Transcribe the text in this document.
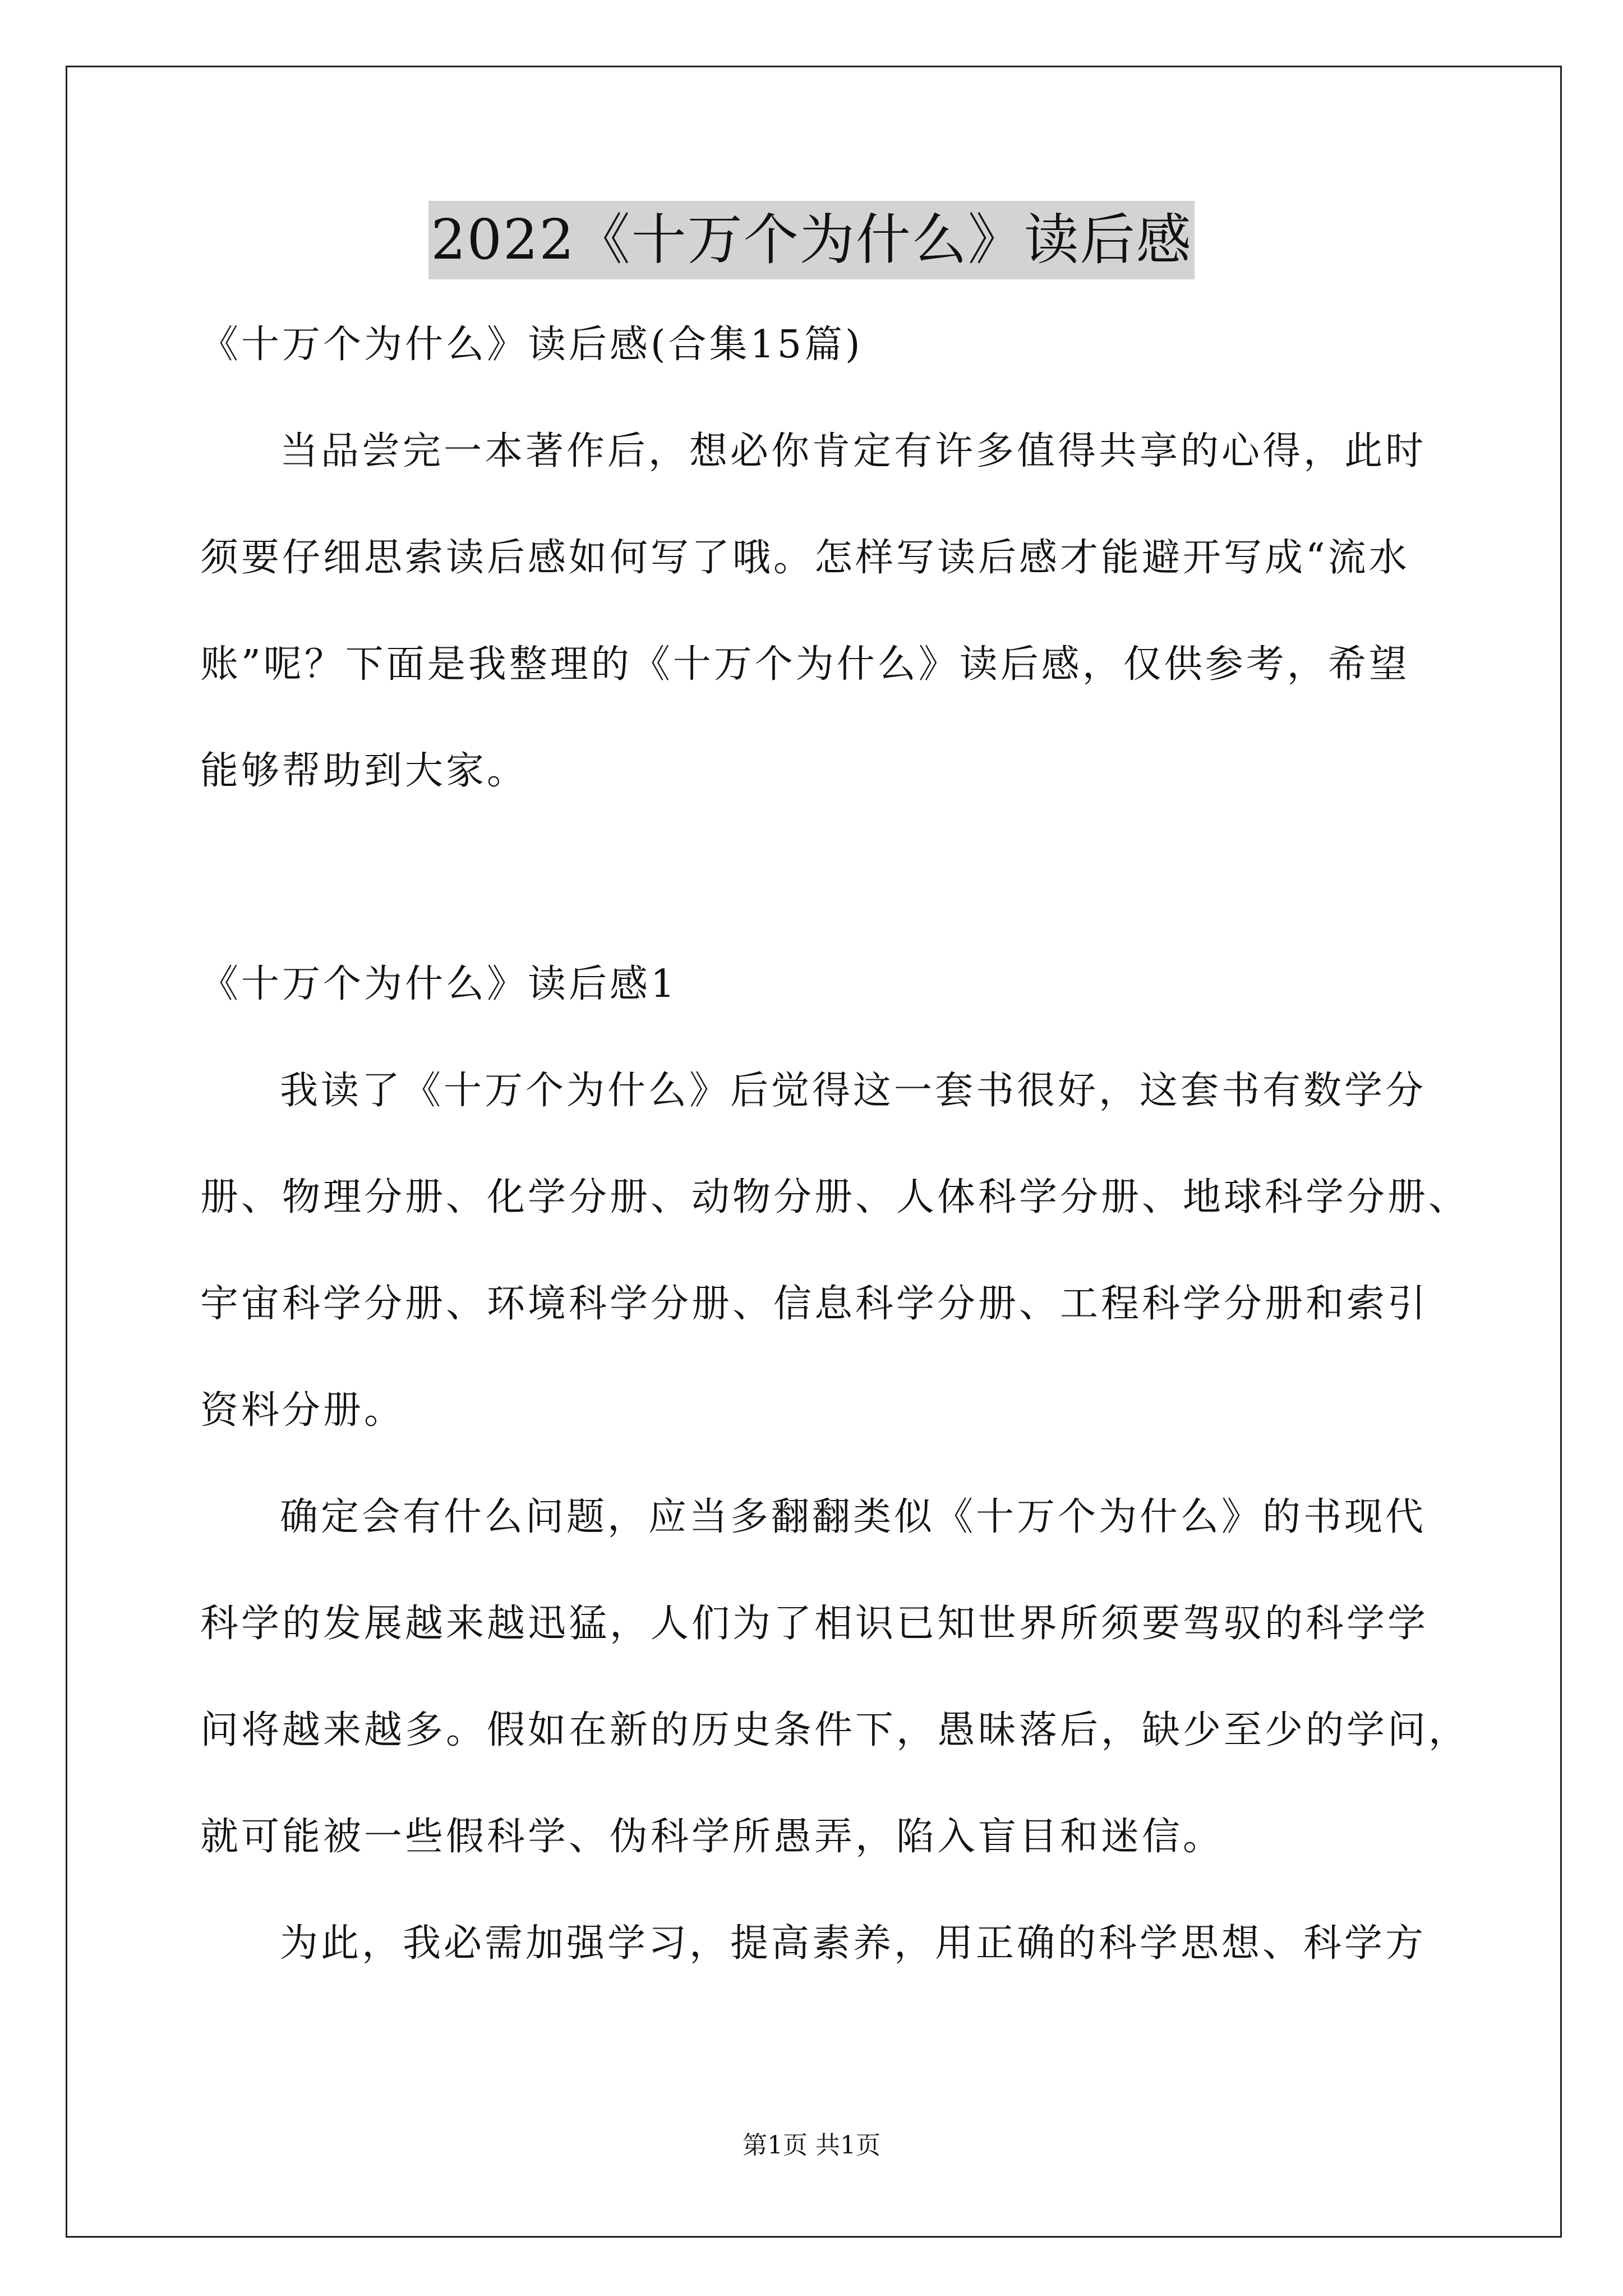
2022《十万个为什么》读后感
《十万个为什么》读后感(合集15篇)
当品尝完一本著作后，想必你肯定有许多值得共享的心得，此时
须要仔细思索读后感如何写了哦。怎样写读后感才能避开写成“流水
账”呢？下面是我整理的《十万个为什么》读后感，仅供参考，希望
能够帮助到大家。
《十万个为什么》读后感1
我读了《十万个为什么》后觉得这一套书很好，这套书有数学分
册、物理分册、化学分册、动物分册、人体科学分册、地球科学分册、
宇宙科学分册、环境科学分册、信息科学分册、工程科学分册和索引
资料分册。
确定会有什么问题，应当多翻翻类似《十万个为什么》的书现代
科学的发展越来越迅猛，人们为了相识已知世界所须要驾驭的科学学
问将越来越多。假如在新的历史条件下，愚昧落后，缺少至少的学问，
就可能被一些假科学、伪科学所愚弄，陷入盲目和迷信。
为此，我必需加强学习，提高素养，用正确的科学思想、科学方
第1页 共1页
